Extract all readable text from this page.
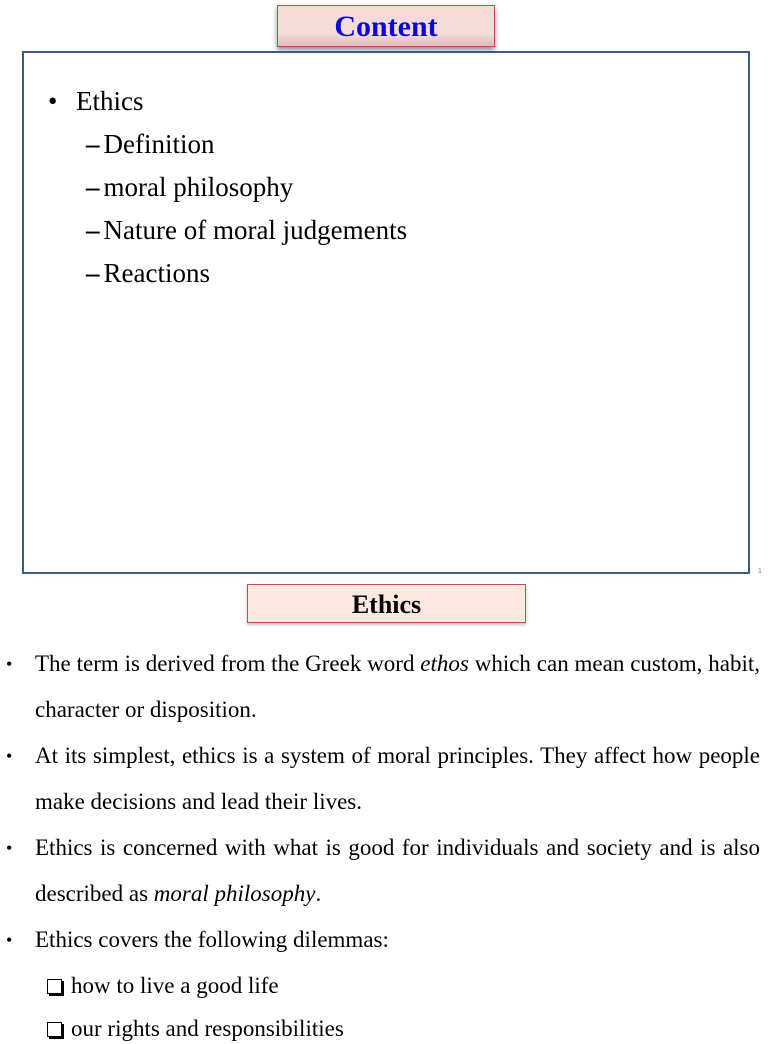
Content
1
• Ethics
– Definition
– moral philosophy
– Nature of moral judgements
– Reactions
Ethics
• The term is derived from the Greek word ethos which can mean custom, habit, character or disposition.
• At its simplest, ethics is a system of moral principles. They affect how people make decisions and lead their lives.
• Ethics is concerned with what is good for individuals and society and is also described as moral philosophy.
• Ethics covers the following dilemmas:
how to live a good life
our rights and responsibilities
